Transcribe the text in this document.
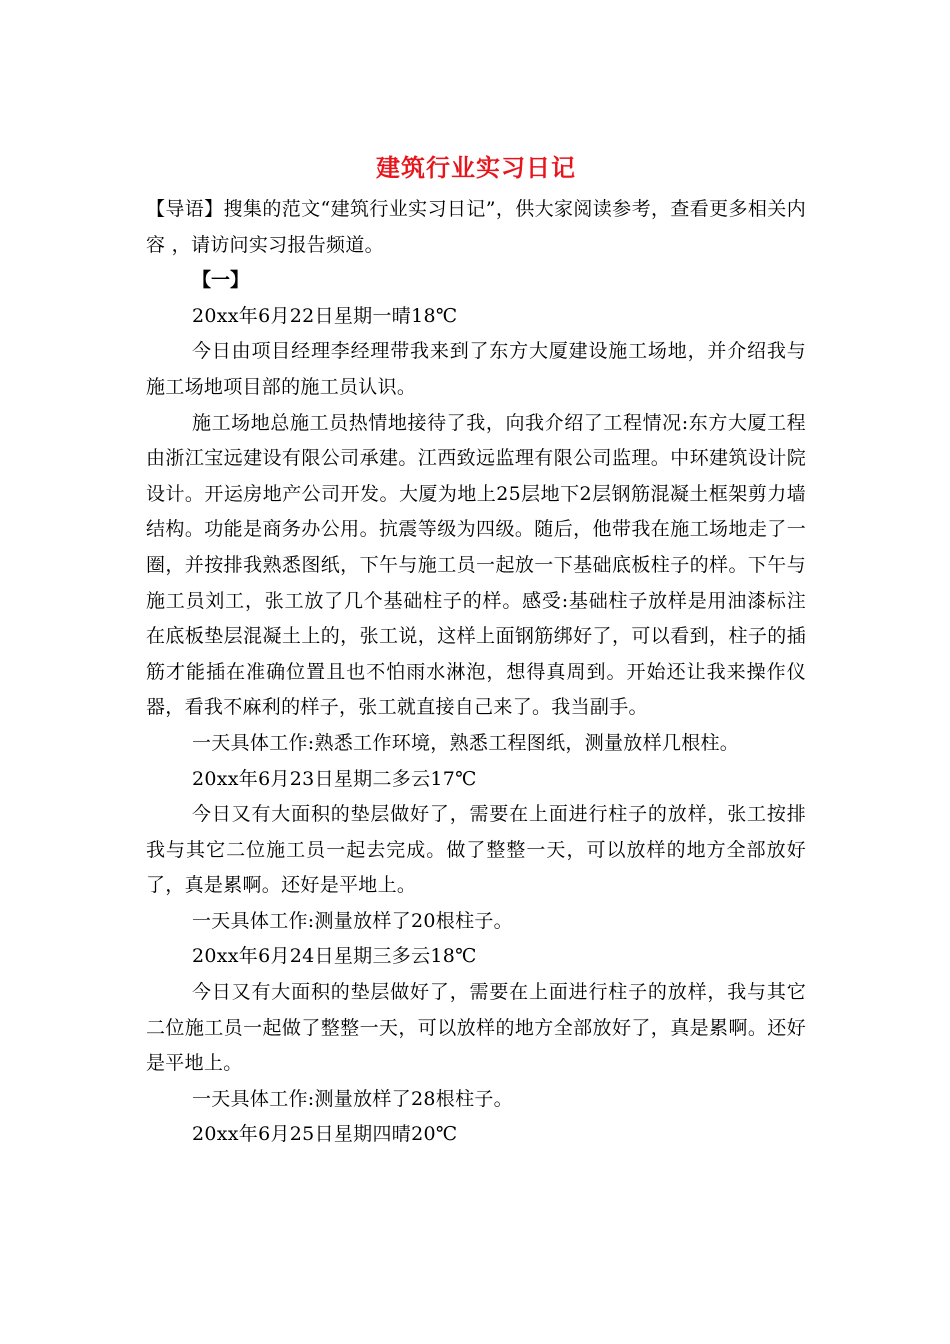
建筑行业实习日记

【导语】搜集的范文“建筑行业实习日记”，供大家阅读参考，查看更多相关内容 ，请访问实习报告频道。

【一】

20xx年6月22日星期一晴18℃

今日由项目经理李经理带我来到了东方大厦建设施工场地，并介绍我与施工场地项目部的施工员认识。

施工场地总施工员热情地接待了我，向我介绍了工程情况:东方大厦工程由浙江宝远建设有限公司承建。江西致远监理有限公司监理。中环建筑设计院设计。开运房地产公司开发。大厦为地上25层地下2层钢筋混凝土框架剪力墙结构。功能是商务办公用。抗震等级为四级。随后，他带我在施工场地走了一圈，并按排我熟悉图纸，下午与施工员一起放一下基础底板柱子的样。下午与施工员刘工，张工放了几个基础柱子的样。感受:基础柱子放样是用油漆标注在底板垫层混凝土上的，张工说，这样上面钢筋绑好了，可以看到，柱子的插筋才能插在准确位置且也不怕雨水淋泡，想得真周到。开始还让我来操作仪器，看我不麻利的样子，张工就直接自己来了。我当副手。

一天具体工作:熟悉工作环境，熟悉工程图纸，测量放样几根柱。

20xx年6月23日星期二多云17℃

今日又有大面积的垫层做好了，需要在上面进行柱子的放样，张工按排我与其它二位施工员一起去完成。做了整整一天，可以放样的地方全部放好了，真是累啊。还好是平地上。

一天具体工作:测量放样了20根柱子。

20xx年6月24日星期三多云18℃

今日又有大面积的垫层做好了，需要在上面进行柱子的放样，我与其它二位施工员一起做了整整一天，可以放样的地方全部放好了，真是累啊。还好是平地上。

一天具体工作:测量放样了28根柱子。

20xx年6月25日星期四晴20℃
